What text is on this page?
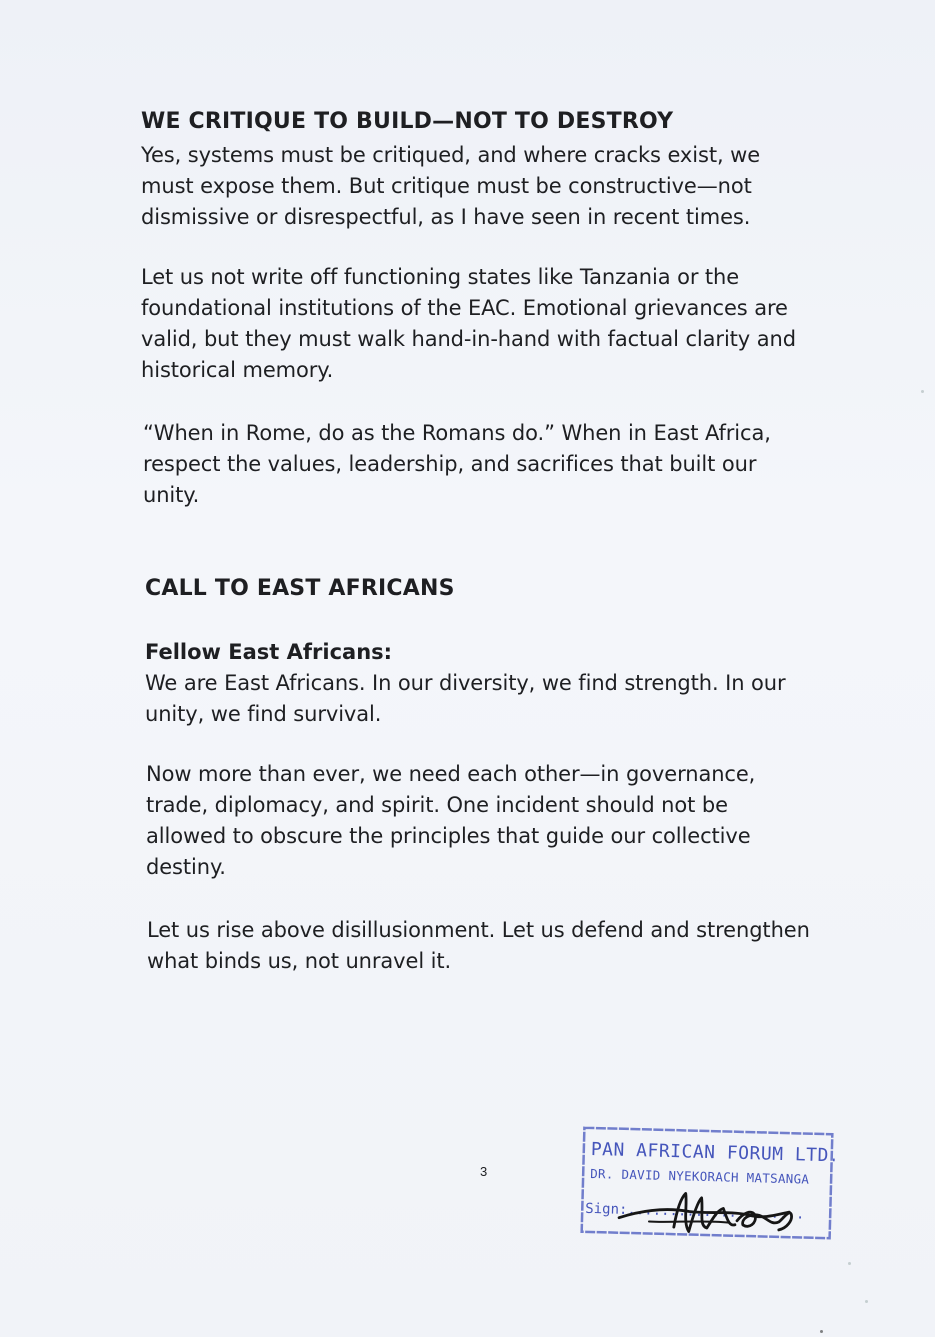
WE CRITIQUE TO BUILD—NOT TO DESTROY

Yes, systems must be critiqued, and where cracks exist, we must expose them. But critique must be constructive—not dismissive or disrespectful, as I have seen in recent times.

Let us not write off functioning states like Tanzania or the foundational institutions of the EAC. Emotional grievances are valid, but they must walk hand-in-hand with factual clarity and historical memory.

“When in Rome, do as the Romans do.” When in East Africa, respect the values, leadership, and sacrifices that built our unity.

CALL TO EAST AFRICANS
Fellow East Africans:

We are East Africans. In our diversity, we find strength. In our unity, we find survival.

Now more than ever, we need each other—in governance, trade, diplomacy, and spirit. One incident should not be allowed to obscure the principles that guide our collective destiny.

Let us rise above disillusionment. Let us defend and strengthen what binds us, not unravel it.

3
PAN AFRICAN FORUM LTD.
DR. DAVID NYEKORACH MATSANGA
Sign:.....................
